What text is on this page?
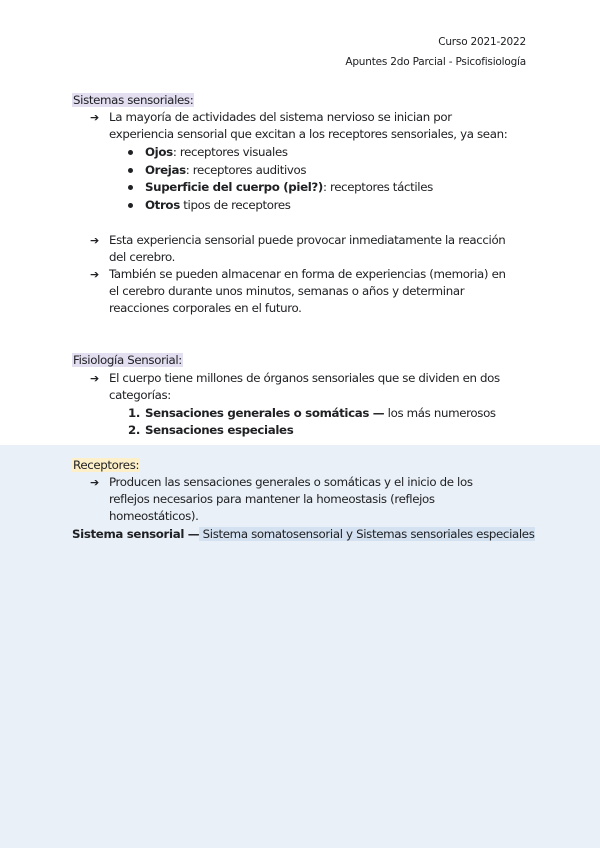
Curso 2021-2022
Apuntes 2do Parcial - Psicofisiología
Sistemas sensoriales:
➔ La mayoría de actividades del sistema nervioso se inician por experiencia sensorial que excitan a los receptores sensoriales, ya sean:
Ojos: receptores visuales
Orejas: receptores auditivos
Superficie del cuerpo (piel?): receptores táctiles
Otros tipos de receptores
➔ Esta experiencia sensorial puede provocar inmediatamente la reacción del cerebro.
➔ También se pueden almacenar en forma de experiencias (memoria) en el cerebro durante unos minutos, semanas o años y determinar reacciones corporales en el futuro.
Fisiología Sensorial:
➔ El cuerpo tiene millones de órganos sensoriales que se dividen en dos categorías:
1. Sensaciones generales o somáticas — los más numerosos
2. Sensaciones especiales
Receptores:
➔ Producen las sensaciones generales o somáticas y el inicio de los reflejos necesarios para mantener la homeostasis (reflejos homeostáticos).
Sistema sensorial — Sistema somatosensorial y Sistemas sensoriales especiales
